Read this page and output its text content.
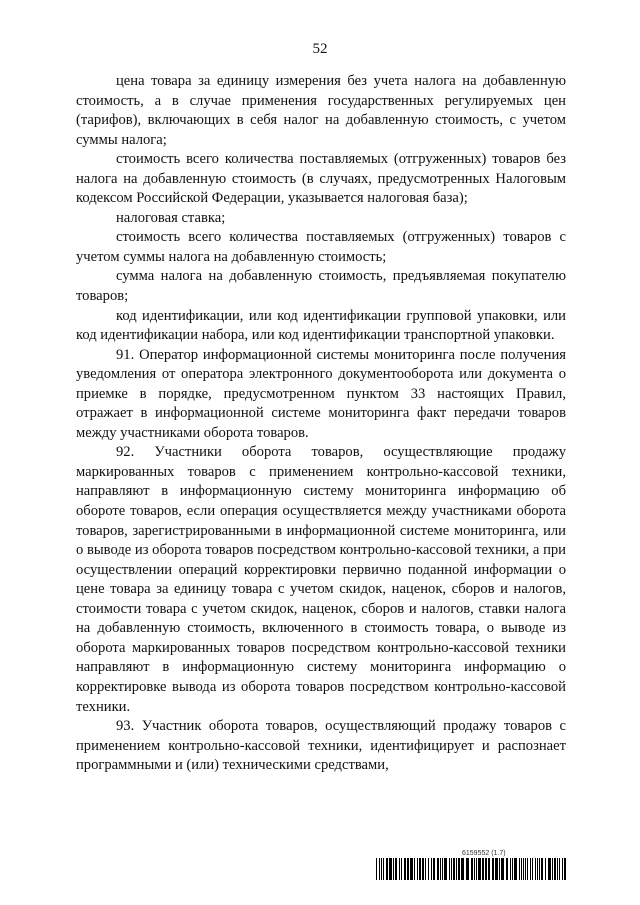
52

цена товара за единицу измерения без учета налога на добавленную стоимость, а в случае применения государственных регулируемых цен (тарифов), включающих в себя налог на добавленную стоимость, с учетом суммы налога;

стоимость всего количества поставляемых (отгруженных) товаров без налога на добавленную стоимость (в случаях, предусмотренных Налоговым кодексом Российской Федерации, указывается налоговая база);

налоговая ставка;

стоимость всего количества поставляемых (отгруженных) товаров с учетом суммы налога на добавленную стоимость;

сумма налога на добавленную стоимость, предъявляемая покупателю товаров;

код идентификации, или код идентификации групповой упаковки, или код идентификации набора, или код идентификации транспортной упаковки.

91. Оператор информационной системы мониторинга после получения уведомления от оператора электронного документооборота или документа о приемке в порядке, предусмотренном пунктом 33 настоящих Правил, отражает в информационной системе мониторинга факт передачи товаров между участниками оборота товаров.

92. Участники оборота товаров, осуществляющие продажу маркированных товаров с применением контрольно-кассовой техники, направляют в информационную систему мониторинга информацию об обороте товаров, если операция осуществляется между участниками оборота товаров, зарегистрированными в информационной системе мониторинга, или о выводе из оборота товаров посредством контрольно-кассовой техники, а при осуществлении операций корректировки первично поданной информации о цене товара за единицу товара с учетом скидок, наценок, сборов и налогов, стоимости товара с учетом скидок, наценок, сборов и налогов, ставки налога на добавленную стоимость, включенного в стоимость товара, о выводе из оборота маркированных товаров посредством контрольно-кассовой техники направляют в информационную систему мониторинга информацию о корректировке вывода из оборота товаров посредством контрольно-кассовой техники.

93. Участник оборота товаров, осуществляющий продажу товаров с применением контрольно-кассовой техники, идентифицирует и распознает программными и (или) техническими средствами,

6159552 (1.7)
